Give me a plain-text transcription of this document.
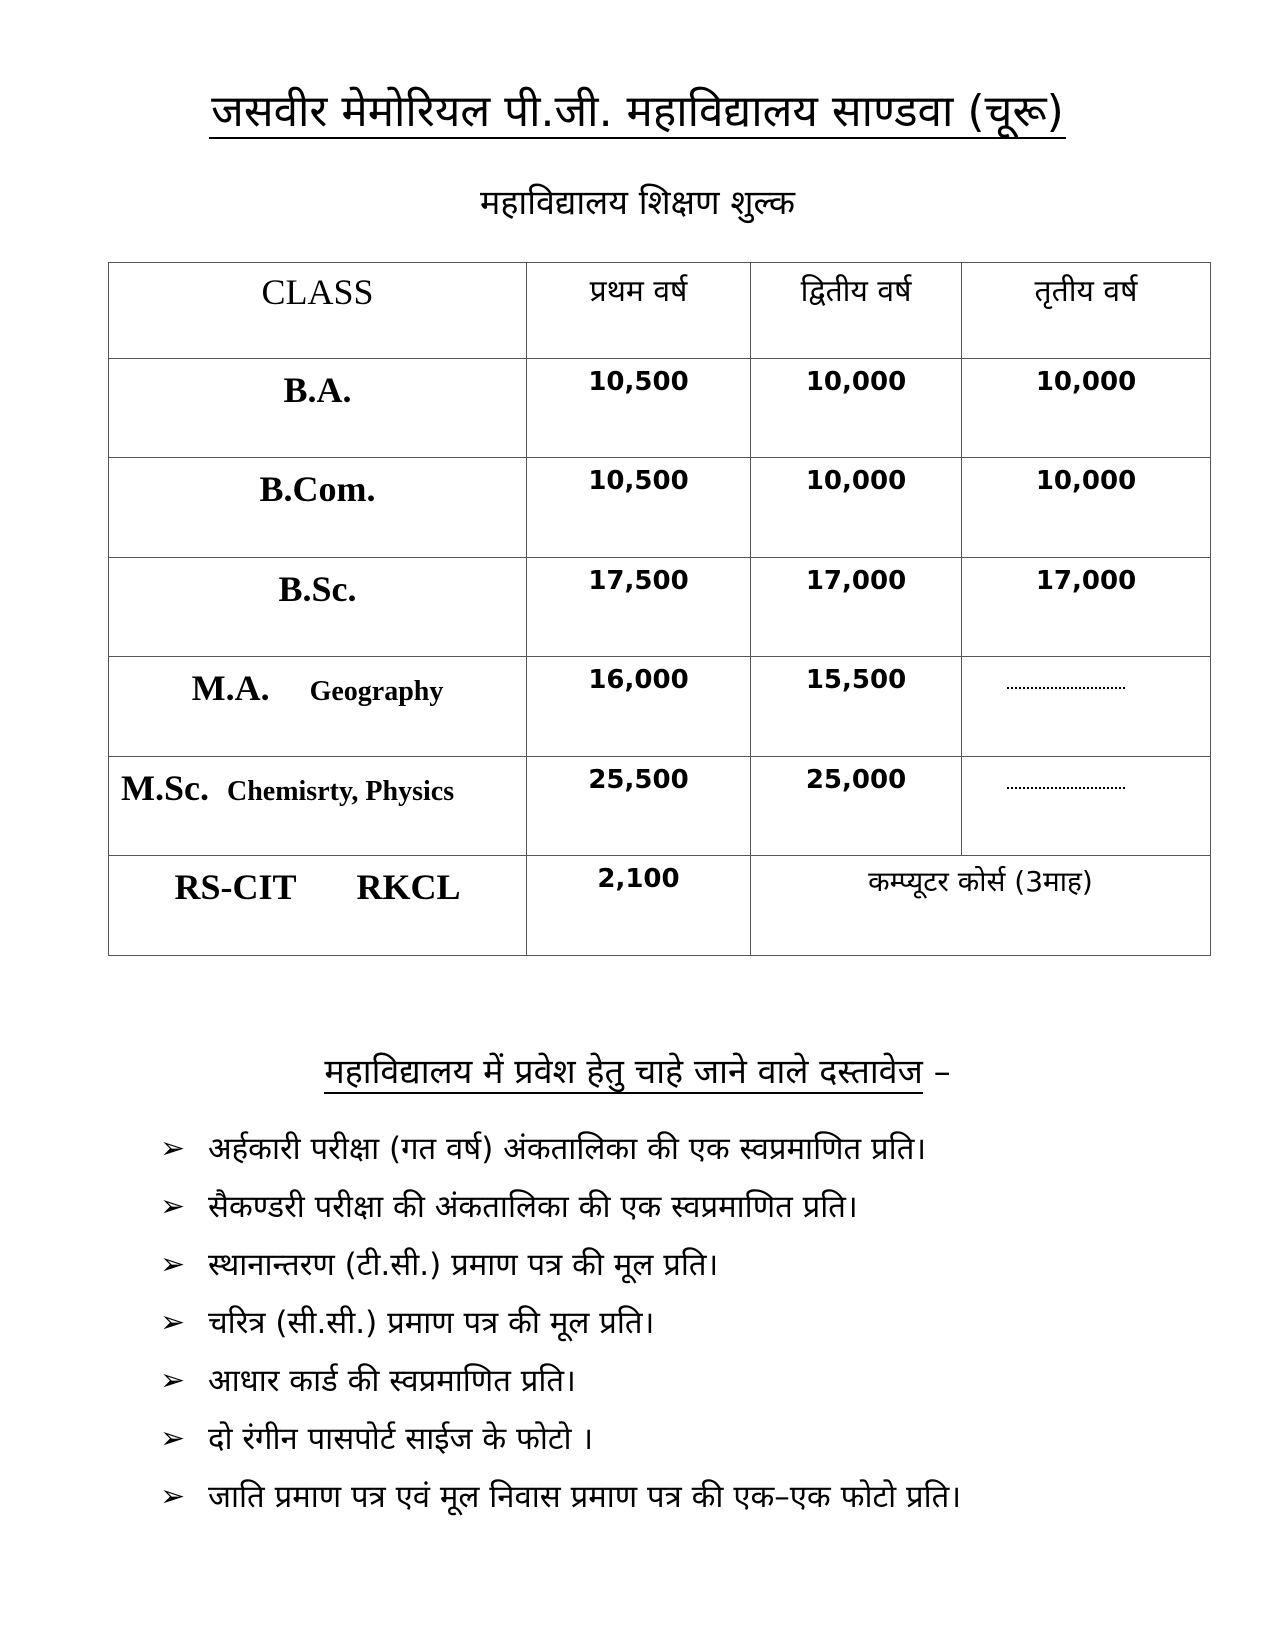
जसवीर मेमोरियल पी.जी. महाविद्यालय साण्डवा (चूरू)
महाविद्यालय शिक्षण शुल्क
CLASS	प्रथम वर्ष	द्वितीय वर्ष	तृतीय वर्ष
B.A.	10,500	10,000	10,000
B.Com.	10,500	10,000	10,000
B.Sc.	17,500	17,000	17,000
M.A. Geography	16,000	15,500	

M.Sc. Chemisrty, Physics	25,500	25,000	

RS-CIT RKCL	2,100	कम्प्यूटर कोर्स (3माह)	
महाविद्यालय में प्रवेश हेतु चाहे जाने वाले दस्तावेज –
➢ अर्हकारी परीक्षा (गत वर्ष) अंकतालिका की एक स्वप्रमाणित प्रति।
➢ सैकण्डरी परीक्षा की अंकतालिका की एक स्वप्रमाणित प्रति।
➢ स्थानान्तरण (टी.सी.) प्रमाण पत्र की मूल प्रति।
➢ चरित्र (सी.सी.) प्रमाण पत्र की मूल प्रति।
➢ आधार कार्ड की स्वप्रमाणित प्रति।
➢ दो रंगीन पासपोर्ट साईज के फोटो ।
➢ जाति प्रमाण पत्र एवं मूल निवास प्रमाण पत्र की एक–एक फोटो प्रति।
